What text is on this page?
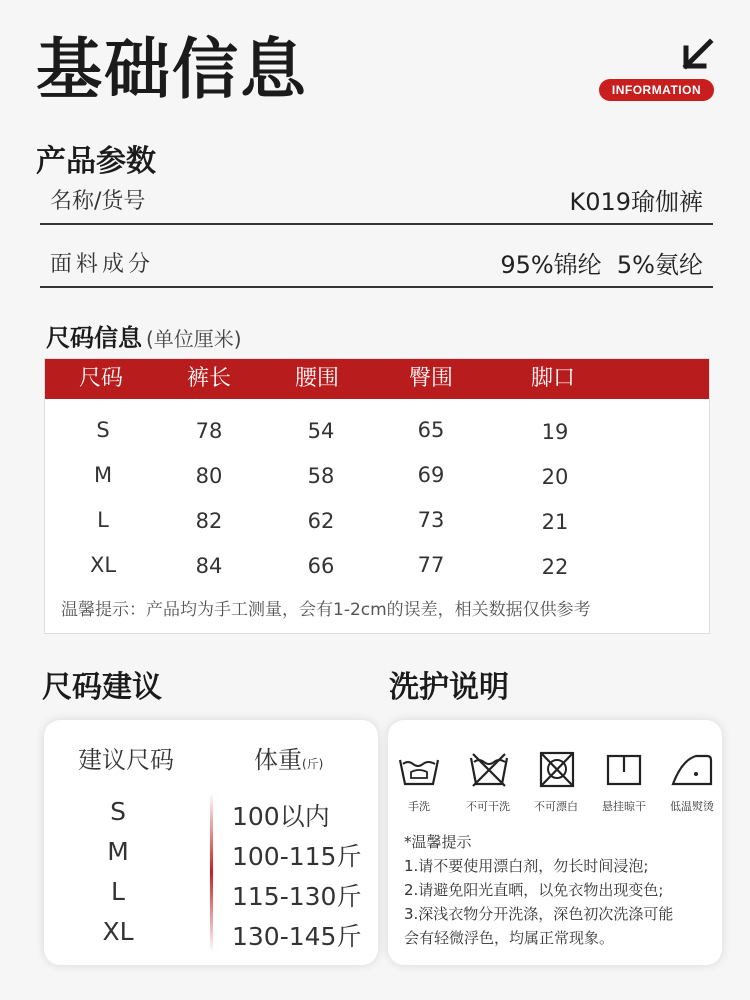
基础信息	INFORMATION
产品参数
名称/货号	K019瑜伽裤
面料成分	95%锦纶  5%氨纶
尺码信息 (单位厘米)
尺码	裤长	腰围	臀围	脚口
S	78	54	65	19
M	80	58	69	20
L	82	62	73	21
XL	84	66	77	22
温馨提示：产品均为手工测量，会有1-2cm的误差，相关数据仅供参考
尺码建议	洗护说明
建议尺码	体重(斤)
S	100以内
M	100-115斤
L	115-130斤
XL	130-145斤
手洗	不可干洗 不可漂白 悬挂晾干 低温熨烫
*温馨提示
1.请不要使用漂白剂，勿长时间浸泡;
2.请避免阳光直晒，以免衣物出现变色;
3.深浅衣物分开洗涤，深色初次洗涤可能
会有轻微浮色，均属正常现象。
